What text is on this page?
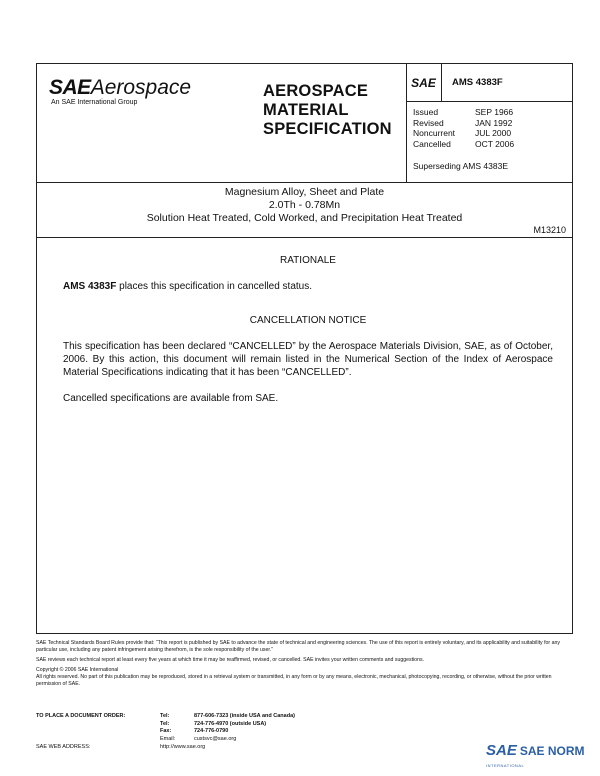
SAEAerospace
An SAE International Group
AEROSPACE
MATERIAL
SPECIFICATION
SAE	AMS 4383F
Issued	SEP 1966
Revised	JAN 1992
Noncurrent	JUL 2000
Cancelled	OCT 2006
Superseding AMS 4383E
Magnesium Alloy, Sheet and Plate
2.0Th - 0.78Mn
Solution Heat Treated, Cold Worked, and Precipitation Heat Treated
M13210
RATIONALE
AMS 4383F places this specification in cancelled status.
CANCELLATION NOTICE
This specification has been declared “CANCELLED” by the Aerospace Materials Division, SAE, as of October, 2006. By this action, this document will remain listed in the Numerical Section of the Index of Aerospace Material Specifications indicating that it has been “CANCELLED”.
Cancelled specifications are available from SAE.

SAE Technical Standards Board Rules provide that: “This report is published by SAE to advance the state of technical and engineering sciences. The use of this report is entirely voluntary, and its applicability and suitability for any particular use, including any patent infringement arising therefrom, is the sole responsibility of the user.”

SAE reviews each technical report at least every five years at which time it may be reaffirmed, revised, or cancelled. SAE invites your written comments and suggestions.

Copyright © 2006 SAE International

All rights reserved. No part of this publication may be reproduced, stored in a retrieval system or transmitted, in any form or by any means, electronic, mechanical, photocopying, recording, or otherwise, without the prior written permission of SAE.

TO PLACE A DOCUMENT ORDER:	Tel:	877-606-7323 (inside USA and Canada)
Tel:	724-776-4970 (outside USA)
Fax:	724-776-0790
Email:	custsvc@sae.org
SAE WEB ADDRESS:	http://www.sae.org	SAE SAE NORM
INTERNATIONAL
